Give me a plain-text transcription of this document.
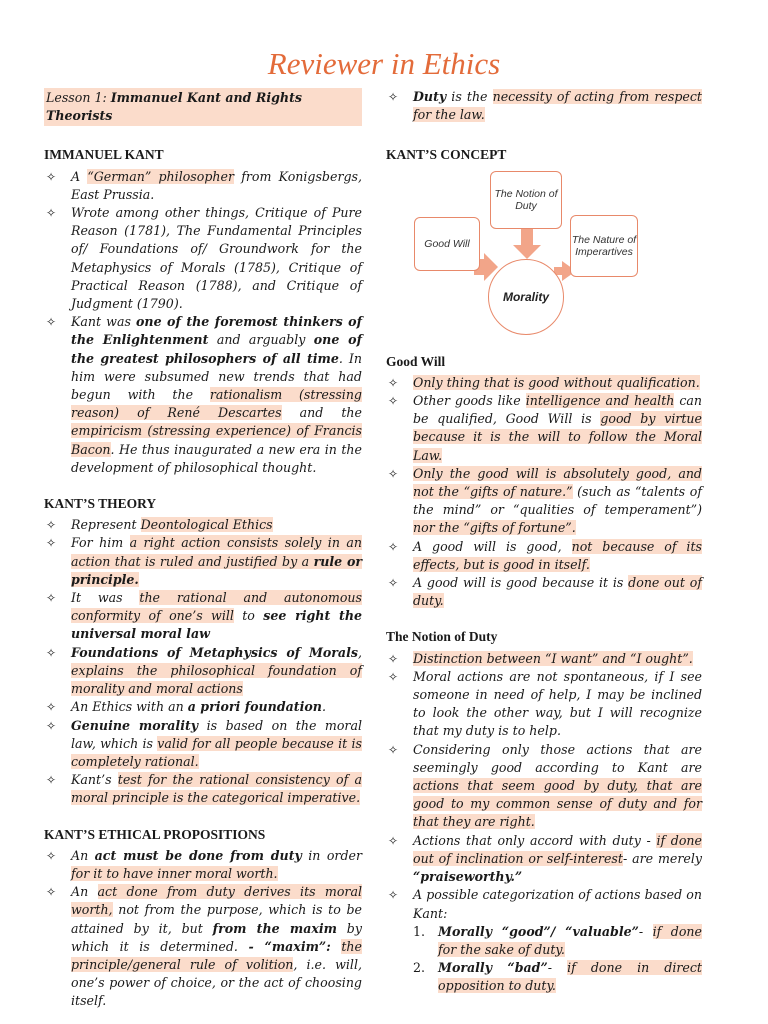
Reviewer in Ethics
Lesson 1: Immanuel Kant and Rights Theorists
IMMANUEL KANT
✧ A “German” philosopher from Konigsbergs, East Prussia.
✧ Wrote among other things, Critique of Pure Reason (1781), The Fundamental Principles of/ Foundations of/ Groundwork for the Metaphysics of Morals (1785), Critique of Practical Reason (1788), and Critique of Judgment (1790).
✧ Kant was one of the foremost thinkers of the Enlightenment and arguably one of the greatest philosophers of all time. In him were subsumed new trends that had begun with the rationalism (stressing reason) of René Descartes and the empiricism (stressing experience) of Francis Bacon. He thus inaugurated a new era in the development of philosophical thought.
KANT’S THEORY
✧ Represent Deontological Ethics
✧ For him a right action consists solely in an action that is ruled and justified by a rule or principle.
✧ It was the rational and autonomous conformity of one’s will to see right the universal moral law
✧ Foundations of Metaphysics of Morals, explains the philosophical foundation of morality and moral actions
✧ An Ethics with an a priori foundation.
✧ Genuine morality is based on the moral law, which is valid for all people because it is completely rational.
✧ Kant’s test for the rational consistency of a moral principle is the categorical imperative.
KANT’S ETHICAL PROPOSITIONS
✧ An act must be done from duty in order for it to have inner moral worth.
✧ An act done from duty derives its moral worth, not from the purpose, which is to be attained by it, but from the maxim by which it is determined. - “maxim”: the principle/general rule of volition, i.e. will, one’s power of choice, or the act of choosing itself.
✧ Duty is the necessity of acting from respect for the law.
KANT’S CONCEPT
Good Will
The Notion of Duty
The Nature of Imperartives
Morality
Good Will
✧ Only thing that is good without qualification.
✧ Other goods like intelligence and health can be qualified, Good Will is good by virtue because it is the will to follow the Moral Law.
✧ Only the good will is absolutely good, and not the “gifts of nature.” (such as “talents of the mind” or “qualities of temperament”) nor the “gifts of fortune”.
✧ A good will is good, not because of its effects, but is good in itself.
✧ A good will is good because it is done out of duty.
The Notion of Duty
✧ Distinction between “I want” and “I ought”.
✧ Moral actions are not spontaneous, if I see someone in need of help, I may be inclined to look the other way, but I will recognize that my duty is to help.
✧ Considering only those actions that are seemingly good according to Kant are actions that seem good by duty, that are good to my common sense of duty and for that they are right.
✧ Actions that only accord with duty - if done out of inclination or self-interest- are merely “praiseworthy.”
✧ A possible categorization of actions based on Kant:
1. Morally “good”/ “valuable”- if done for the sake of duty.
2. Morally “bad”- if done in direct opposition to duty.
